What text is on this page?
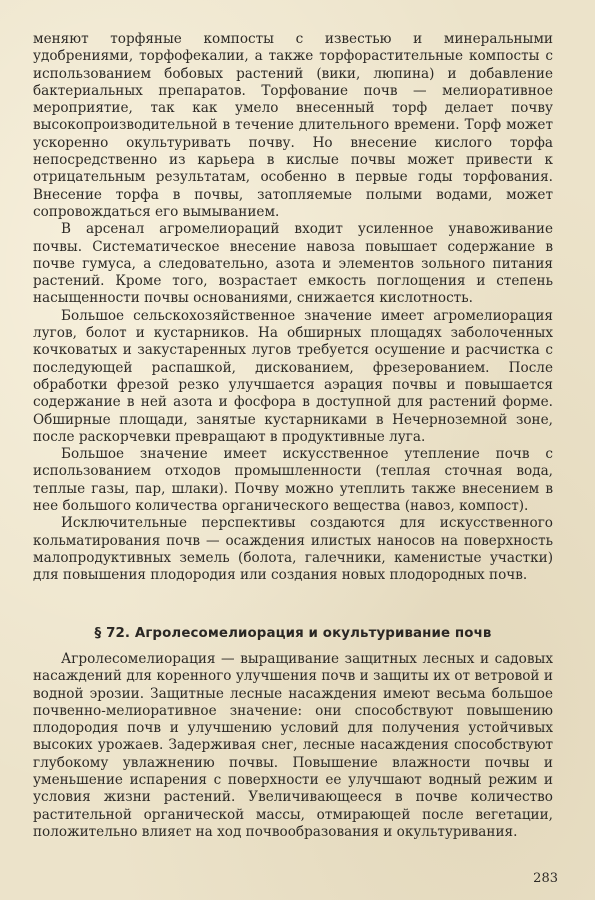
меняют торфяные компосты с известью и минеральными удобрениями, торфофекалии, а также торфорастительные компосты с использованием бобовых растений (вики, люпина) и добавление бактериальных препаратов. Торфование почв — мелиоративное мероприятие, так как умело внесенный торф делает почву высокопроизводительной в течение длительного времени. Торф может ускоренно окультуривать почву. Но внесение кислого торфа непосредственно из карьера в кислые почвы может привести к отрицательным результатам, особенно в первые годы торфования. Внесение торфа в почвы, затопляемые полыми водами, может сопровождаться его вымыванием.

В арсенал агромелиораций входит усиленное унавоживание почвы. Систематическое внесение навоза повышает содержание в почве гумуса, а следовательно, азота и элементов зольного питания растений. Кроме того, возрастает емкость поглощения и степень насыщенности почвы основаниями, снижается кислотность.

Большое сельскохозяйственное значение имеет агромелиорация лугов, болот и кустарников. На обширных площадях заболоченных кочковатых и закустаренных лугов требуется осушение и расчистка с последующей распашкой, дискованием, фрезерованием. После обработки фрезой резко улучшается аэрация почвы и повышается содержание в ней азота и фосфора в доступной для растений форме. Обширные площади, занятые кустарниками в Нечерноземной зоне, после раскорчевки превращают в продуктивные луга.

Большое значение имеет искусственное утепление почв с использованием отходов промышленности (теплая сточная вода, теплые газы, пар, шлаки). Почву можно утеплить также внесением в нее большого количества органического вещества (навоз, компост).

Исключительные перспективы создаются для искусственного кольматирования почв — осаждения илистых наносов на поверхность малопродуктивных земель (болота, галечники, каменистые участки) для повышения плодородия или создания новых плодородных почв.

§ 72. Агролесомелиорация и окультуривание почв

Агролесомелиорация — выращивание защитных лесных и садовых насаждений для коренного улучшения почв и защиты их от ветровой и водной эрозии. Защитные лесные насаждения имеют весьма большое почвенно-мелиоративное значение: они способствуют повышению плодородия почв и улучшению условий для получения устойчивых высоких урожаев. Задерживая снег, лесные насаждения способствуют глубокому увлажнению почвы. Повышение влажности почвы и уменьшение испарения с поверхности ее улучшают водный режим и условия жизни растений. Увеличивающееся в почве количество растительной органической массы, отмирающей после вегетации, положительно влияет на ход почвообразования и окультуривания.

283
